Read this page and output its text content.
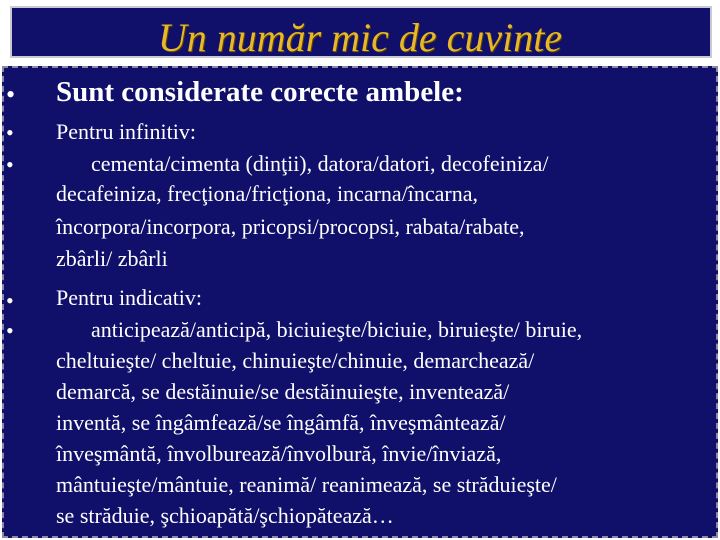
Un număr mic de cuvinte
• Sunt considerate corecte ambele:
• Pentru infinitiv:
•	cementa/cimenta (dinţii), datora/datori, decofeiniza/
decafeiniza, frecţiona/fricţiona, incarna/încarna,
încorpora/incorpora, pricopsi/procopsi, rabata/rabate,
zbârli/ zbârli
• Pentru indicativ:
•	anticipează/anticipă, biciuieşte/biciuie, biruieşte/ biruie,
cheltuieşte/ cheltuie, chinuieşte/chinuie, demarchează/
demarcă, se destăinuie/se destăinuieşte, inventează/
inventă, se îngâmfează/se îngâmfă, înveşmântează/
înveşmântă, învolburează/învolbură, învie/înviază,
mântuieşte/mântuie, reanimă/ reanimează, se străduieşte/
se străduie, şchioapătă/şchiopătează…
